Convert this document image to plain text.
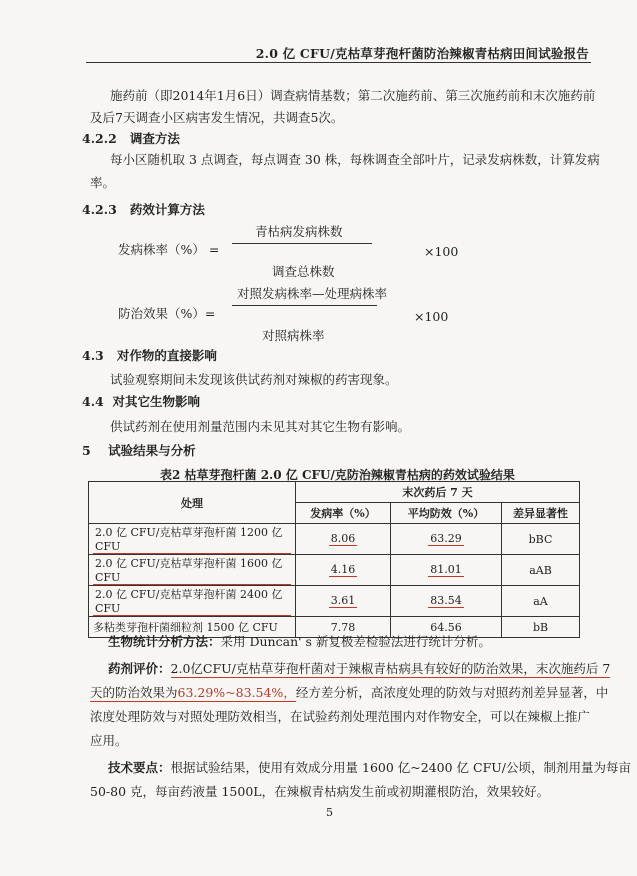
2.0 亿 CFU/克枯草芽孢杆菌防治辣椒青枯病田间试验报告
施药前（即2014年1月6日）调查病情基数；第二次施药前、第三次施药前和末次施药前
及后7天调查小区病害发生情况，共调查5次。
4.2.2 调查方法
每小区随机取 3 点调查，每点调查 30 株，每株调查全部叶片，记录发病株数，计算发病
率。
4.2.3 药效计算方法
青枯病发病株数
发病株率（%） =	×100
调查总株数
对照发病株率—处理病株率
防治效果（%）=	×100
对照病株率
4.3 对作物的直接影响
试验观察期间未发现该供试药剂对辣椒的药害现象。
4.4 对其它生物影响
供试药剂在使用剂量范围内未见其对其它生物有影响。
5 试验结果与分析
表2 枯草芽孢杆菌 2.0 亿 CFU/克防治辣椒青枯病的药效试验结果
处理	末次药后 7 天		
	发病率（%）	平均防效（%）	差异显著性
2.0 亿 CFU/克枯草芽孢杆菌 1200 亿 CFU	8.06	63.29	bBC
2.0 亿 CFU/克枯草芽孢杆菌 1600 亿 CFU	4.16	81.01	aAB
2.0 亿 CFU/克枯草芽孢杆菌 2400 亿 CFU	3.61	83.54	aA
多粘类芽孢杆菌细粒剂 1500 亿 CFU	7.78	64.56	bB
生物统计分析方法：采用 Duncan' s 新复极差检验法进行统计分析。
药剂评价：2.0亿CFU/克枯草芽孢杆菌对于辣椒青枯病具有较好的防治效果，末次施药后 7
天的防治效果为63.29%~83.54%，经方差分析，高浓度处理的防效与对照药剂差异显著，中
浓度处理防效与对照处理防效相当，在试验药剂处理范围内对作物安全，可以在辣椒上推广
应用。
技术要点：根据试验结果，使用有效成分用量 1600 亿~2400 亿 CFU/公顷，制剂用量为每亩
50-80 克，每亩药液量 1500L，在辣椒青枯病发生前或初期灌根防治，效果较好。
5
